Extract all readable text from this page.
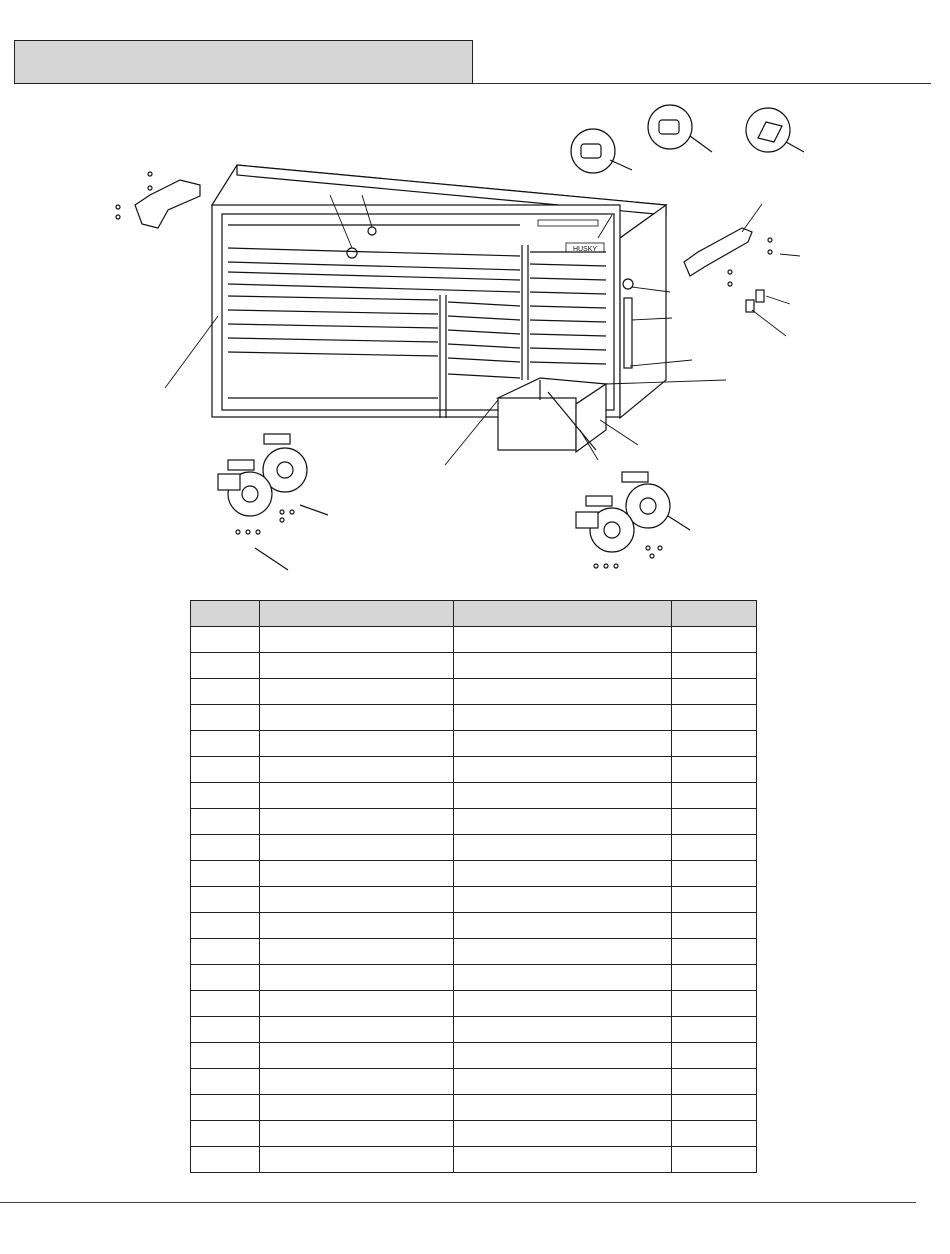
HUSKY
